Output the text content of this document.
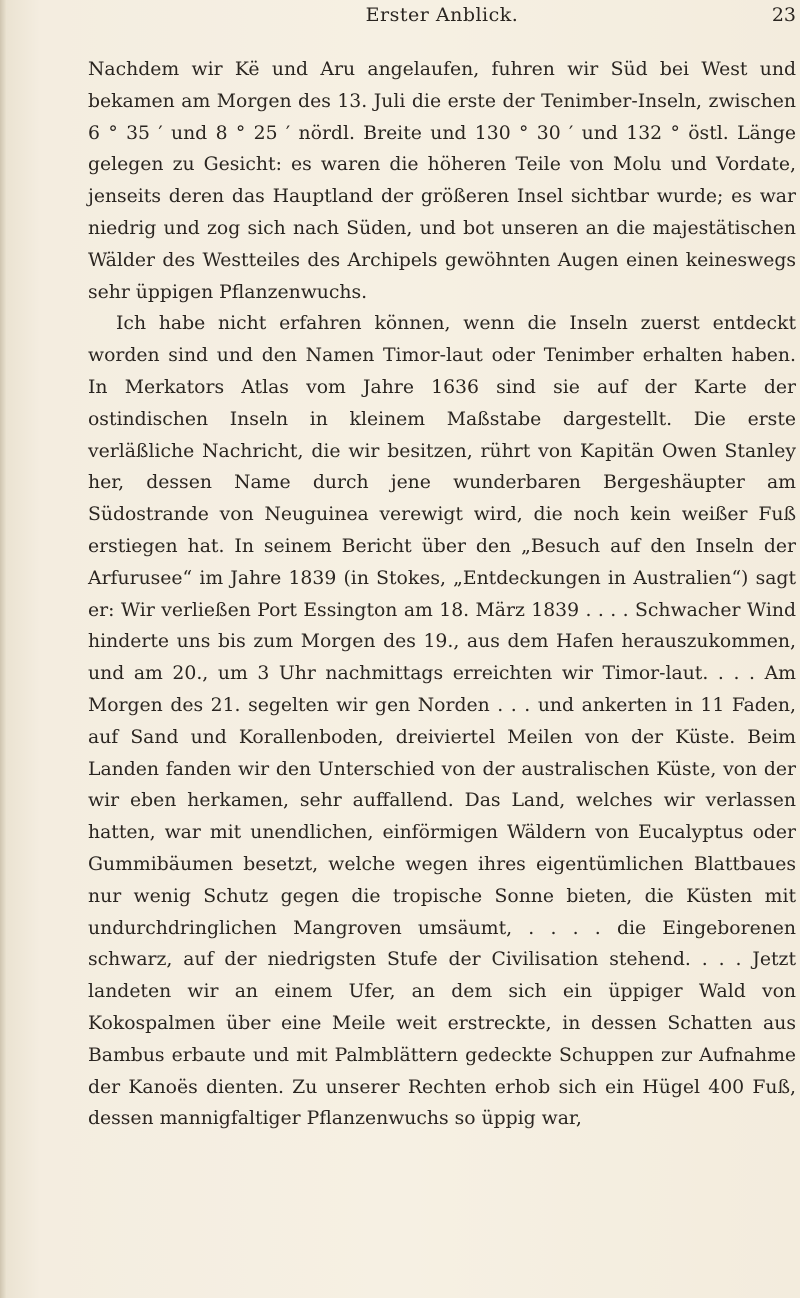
Erster Anblick.	23

Nachdem wir Kë und Aru angelaufen, fuhren wir Süd bei West und bekamen am Morgen des 13. Juli die erste der Tenimber-Inseln, zwischen 6 ° 35 ′ und 8 ° 25 ′ nördl. Breite und 130 ° 30 ′ und 132 ° östl. Länge gelegen zu Gesicht: es waren die höheren Teile von Molu und Vordate, jenseits deren das Hauptland der größeren Insel sichtbar wurde; es war niedrig und zog sich nach Süden, und bot unseren an die majestätischen Wälder des Westteiles des Archipels gewöhnten Augen einen keineswegs sehr üppigen Pflanzenwuchs.

Ich habe nicht erfahren können, wenn die Inseln zuerst entdeckt worden sind und den Namen Timor-laut oder Tenimber erhalten haben. In Merkators Atlas vom Jahre 1636 sind sie auf der Karte der ostindischen Inseln in kleinem Maßstabe dargestellt. Die erste verläßliche Nachricht, die wir besitzen, rührt von Kapitän Owen Stanley her, dessen Name durch jene wunderbaren Bergeshäupter am Südostrande von Neuguinea verewigt wird, die noch kein weißer Fuß erstiegen hat. In seinem Bericht über den „Besuch auf den Inseln der Arfurusee“ im Jahre 1839 (in Stokes, „Entdeckungen in Australien“) sagt er: Wir verließen Port Essington am 18. März 1839 . . . . Schwacher Wind hinderte uns bis zum Morgen des 19., aus dem Hafen herauszukommen, und am 20., um 3 Uhr nachmittags erreichten wir Timor-laut. . . . Am Morgen des 21. segelten wir gen Norden . . . und ankerten in 11 Faden, auf Sand und Korallenboden, dreiviertel Meilen von der Küste. Beim Landen fanden wir den Unterschied von der australischen Küste, von der wir eben herkamen, sehr auffallend. Das Land, welches wir verlassen hatten, war mit unendlichen, einförmigen Wäldern von Eucalyptus oder Gummibäumen besetzt, welche wegen ihres eigentümlichen Blattbaues nur wenig Schutz gegen die tropische Sonne bieten, die Küsten mit undurchdringlichen Mangroven umsäumt, . . . . die Eingeborenen schwarz, auf der niedrigsten Stufe der Civilisation stehend. . . . Jetzt landeten wir an einem Ufer, an dem sich ein üppiger Wald von Kokospalmen über eine Meile weit erstreckte, in dessen Schatten aus Bambus erbaute und mit Palmblättern gedeckte Schuppen zur Aufnahme der Kanoës dienten. Zu unserer Rechten erhob sich ein Hügel 400 Fuß, dessen mannigfaltiger Pflanzenwuchs so üppig war,
